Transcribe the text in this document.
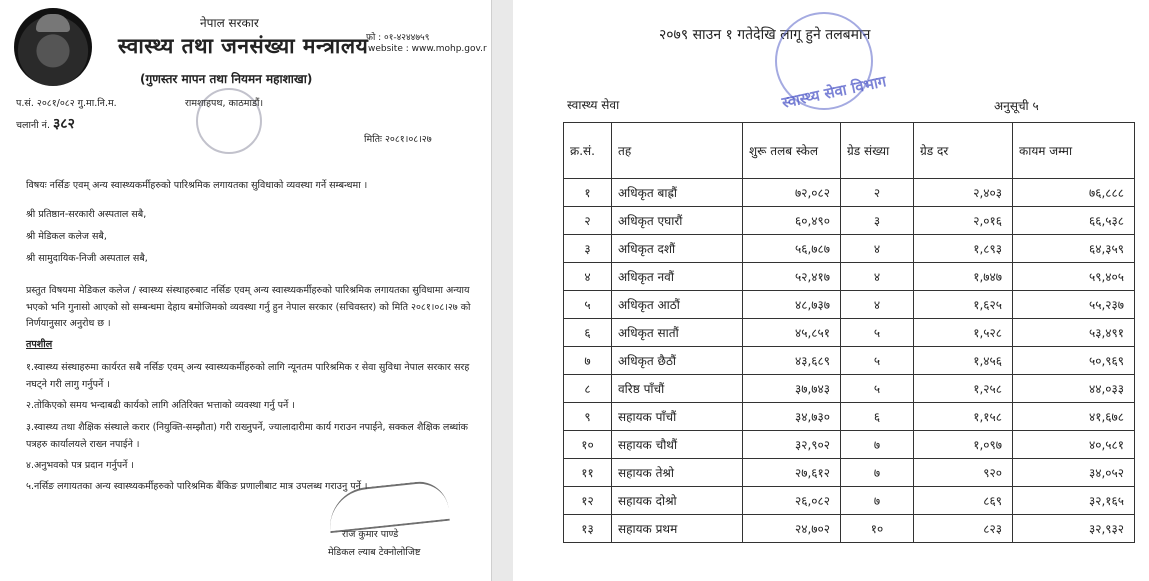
नेपाल सरकार
स्वास्थ्य तथा जनसंख्या मन्त्रालय
(गुणस्तर मापन तथा नियमन महाशाखा)
फो : ०१-४२४४७५९
website : www.mohp.gov.r
प.सं. २०८१/०८२ गु.मा.नि.म.
चलानी नं. ३८२
रामशाहपथ, काठमाडौं।
मितिः २०८१।०८।२७
विषयः नर्सिङ एवम् अन्य स्वास्थ्यकर्मीहरुको पारिश्रमिक लगायतका सुविधाको व्यवस्था गर्ने सम्बन्धमा ।
श्री प्रतिष्ठान-सरकारी अस्पताल सबै,
श्री मेडिकल कलेज सबै,
श्री सामुदायिक-निजी अस्पताल सबै,
प्रस्तुत विषयमा मेडिकल कलेज / स्वास्थ्य संस्थाहरुबाट नर्सिङ एवम् अन्य स्वास्थ्यकर्मीहरुको पारिश्रमिक लगायतका सुविधामा अन्याय भएको भनि गुनासो आएको सो सम्बन्धमा देहाय बमोजिमको व्यवस्था गर्नु हुन नेपाल सरकार (सचिवस्तर) को मिति २०८१।०८।२७ को निर्णयानुसार अनुरोध छ ।
तपशील
१.स्वास्थ्य संस्थाहरुमा कार्यरत सबै नर्सिङ एवम् अन्य स्वास्थ्यकर्मीहरुको लागि न्यूनतम पारिश्रमिक र सेवा सुविधा नेपाल सरकार सरह नघट्ने गरी लागु गर्नुपर्ने ।
२.तोकिएको समय भन्दाबढी कार्यको लागि अतिरिक्त भत्ताको व्यवस्था गर्नु पर्ने ।
३.स्वास्थ्य तथा शैक्षिक संस्थाले करार (नियुक्ति-सम्झौता) गरी राख्नुपर्ने, ज्यालादारीमा कार्य गराउन नपाईने, सक्कल शैक्षिक लब्धांक पत्रहरु कार्यालयले राख्न नपाईने ।
४.अनुभवको पत्र प्रदान गर्नुपर्ने ।
५.नर्सिङ लगायतका अन्य स्वास्थ्यकर्मीहरुको पारिश्रमिक बैंकिङ प्रणालीबाट मात्र उपलब्ध गराउनु पर्ने ।
राज कुमार पाण्डे
मेडिकल ल्याब टेक्नोलोजिष्ट
२०७९ साउन १ गतेदेखि लागू हुने तलबमान
स्वास्थ्य सेवा विभाग
स्वास्थ्य सेवा	अनुसूची ५
क्र.सं.	तह	शुरू तलब स्केल	ग्रेड संख्या	ग्रेड दर	कायम जम्मा
१	अधिकृत बाह्रौं	७२,०८२	२	२,४०३	७६,८८८
२	अधिकृत एघारौं	६०,४९०	३	२,०१६	६६,५३८
३	अधिकृत दशौं	५६,७८७	४	१,८९३	६४,३५९
४	अधिकृत नवौं	५२,४१७	४	१,७४७	५९,४०५
५	अधिकृत आठौं	४८,७३७	४	१,६२५	५५,२३७
६	अधिकृत सातौं	४५,८५१	५	१,५२८	५३,४९१
७	अधिकृत छैठौं	४३,६८९	५	१,४५६	५०,९६९
८	वरिष्ठ पाँचौं	३७,७४३	५	१,२५८	४४,०३३
९	सहायक पाँचौं	३४,७३०	६	१,१५८	४१,६७८
१०	सहायक चौथौं	३२,९०२	७	१,०९७	४०,५८१
११	सहायक तेश्रो	२७,६१२	७	९२०	३४,०५२
१२	सहायक दोश्रो	२६,०८२	७	८६९	३२,१६५
१३	सहायक प्रथम	२४,७०२	१०	८२३	३२,९३२
